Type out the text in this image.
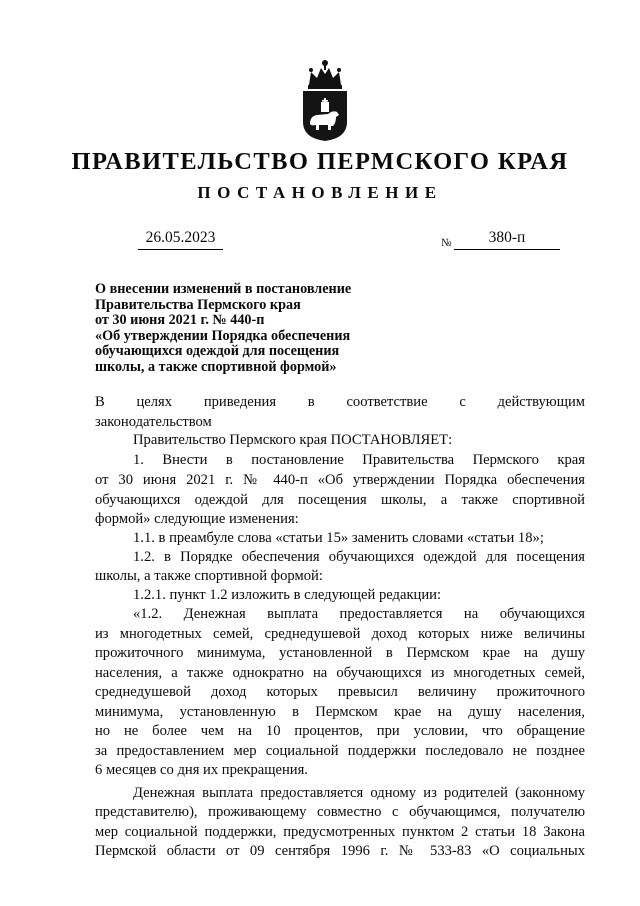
ПРАВИТЕЛЬСТВО ПЕРМСКОГО КРАЯ
ПОСТАНОВЛЕНИЕ
26.05.2023	№	380-п
О внесении изменений в постановление
Правительства Пермского края
от 30 июня 2021 г. № 440-п
«Об утверждении Порядка обеспечения
обучающихся одеждой для посещения
школы, а также спортивной формой»
В целях приведения в соответствие с действующим
законодательством
Правительство Пермского края ПОСТАНОВЛЯЕТ:
1. Внести в постановление Правительства Пермского края
от 30 июня 2021 г. № 440-п «Об утверждении Порядка обеспечения
обучающихся одеждой для посещения школы, а также спортивной
формой» следующие изменения:
1.1. в преамбуле слова «статьи 15» заменить словами «статьи 18»;
1.2. в Порядке обеспечения обучающихся одеждой для посещения
школы, а также спортивной формой:
1.2.1. пункт 1.2 изложить в следующей редакции:
«1.2. Денежная выплата предоставляется на обучающихся
из многодетных семей, среднедушевой доход которых ниже величины
прожиточного минимума, установленной в Пермском крае на душу
населения, а также однократно на обучающихся из многодетных семей,
среднедушевой доход которых превысил величину прожиточного
минимума, установленную в Пермском крае на душу населения,
но не более чем на 10 процентов, при условии, что обращение
за предоставлением мер социальной поддержки последовало не позднее
6 месяцев со дня их прекращения.
Денежная выплата предоставляется одному из родителей (законному
представителю), проживающему совместно с обучающимся, получателю
мер социальной поддержки, предусмотренных пунктом 2 статьи 18 Закона
Пермской области от 09 сентября 1996 г. № 533-83 «О социальных
